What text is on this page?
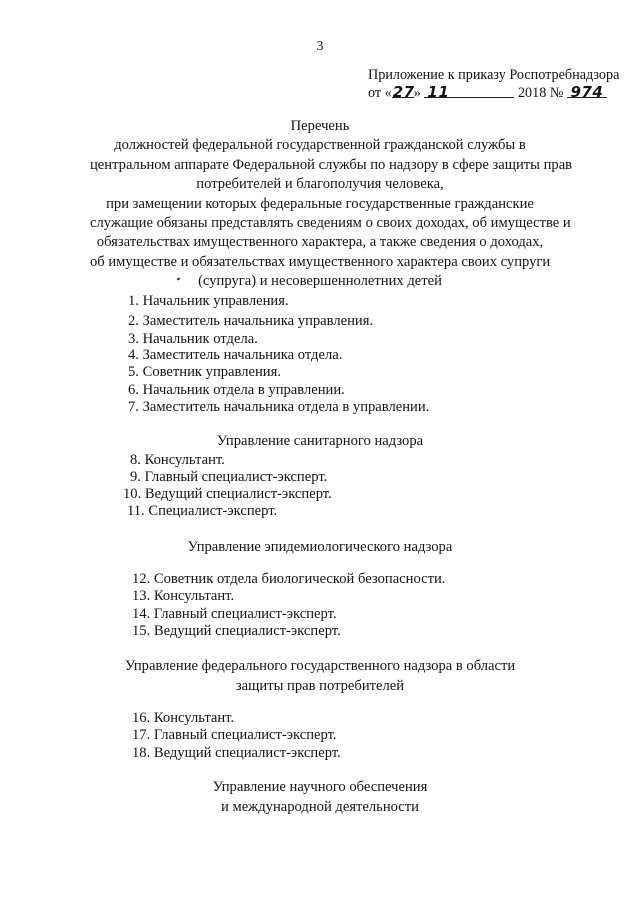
3
Приложение к приказу Роспотребнадзора
от «27» 11	2018 № 974
Перечень
должностей федеральной государственной гражданской службы в
центральном аппарате Федеральной службы по надзору в сфере защиты прав
потребителей и благополучия человека,
при замещении которых федеральные государственные гражданские
служащие обязаны представлять сведениям о своих доходах, об имуществе и
обязательствах имущественного характера, а также сведения о доходах,
об имуществе и обязательствах имущественного характера своих супруги
(супруга) и несовершеннолетних детей
1. Начальник управления.
2. Заместитель начальника управления.
3. Начальник отдела.
4. Заместитель начальника отдела.
5. Советник управления.
6. Начальник отдела в управлении.
7. Заместитель начальника отдела в управлении.
Управление санитарного надзора
8. Консультант.
9. Главный специалист-эксперт.
10. Ведущий специалист-эксперт.
11. Специалист-эксперт.
Управление эпидемиологического надзора
12. Советник отдела биологической безопасности.
13. Консультант.
14. Главный специалист-эксперт.
15. Ведущий специалист-эксперт.
Управление федерального государственного надзора в области
защиты прав потребителей
16. Консультант.
17. Главный специалист-эксперт.
18. Ведущий специалист-эксперт.
Управление научного обеспечения
и международной деятельности
